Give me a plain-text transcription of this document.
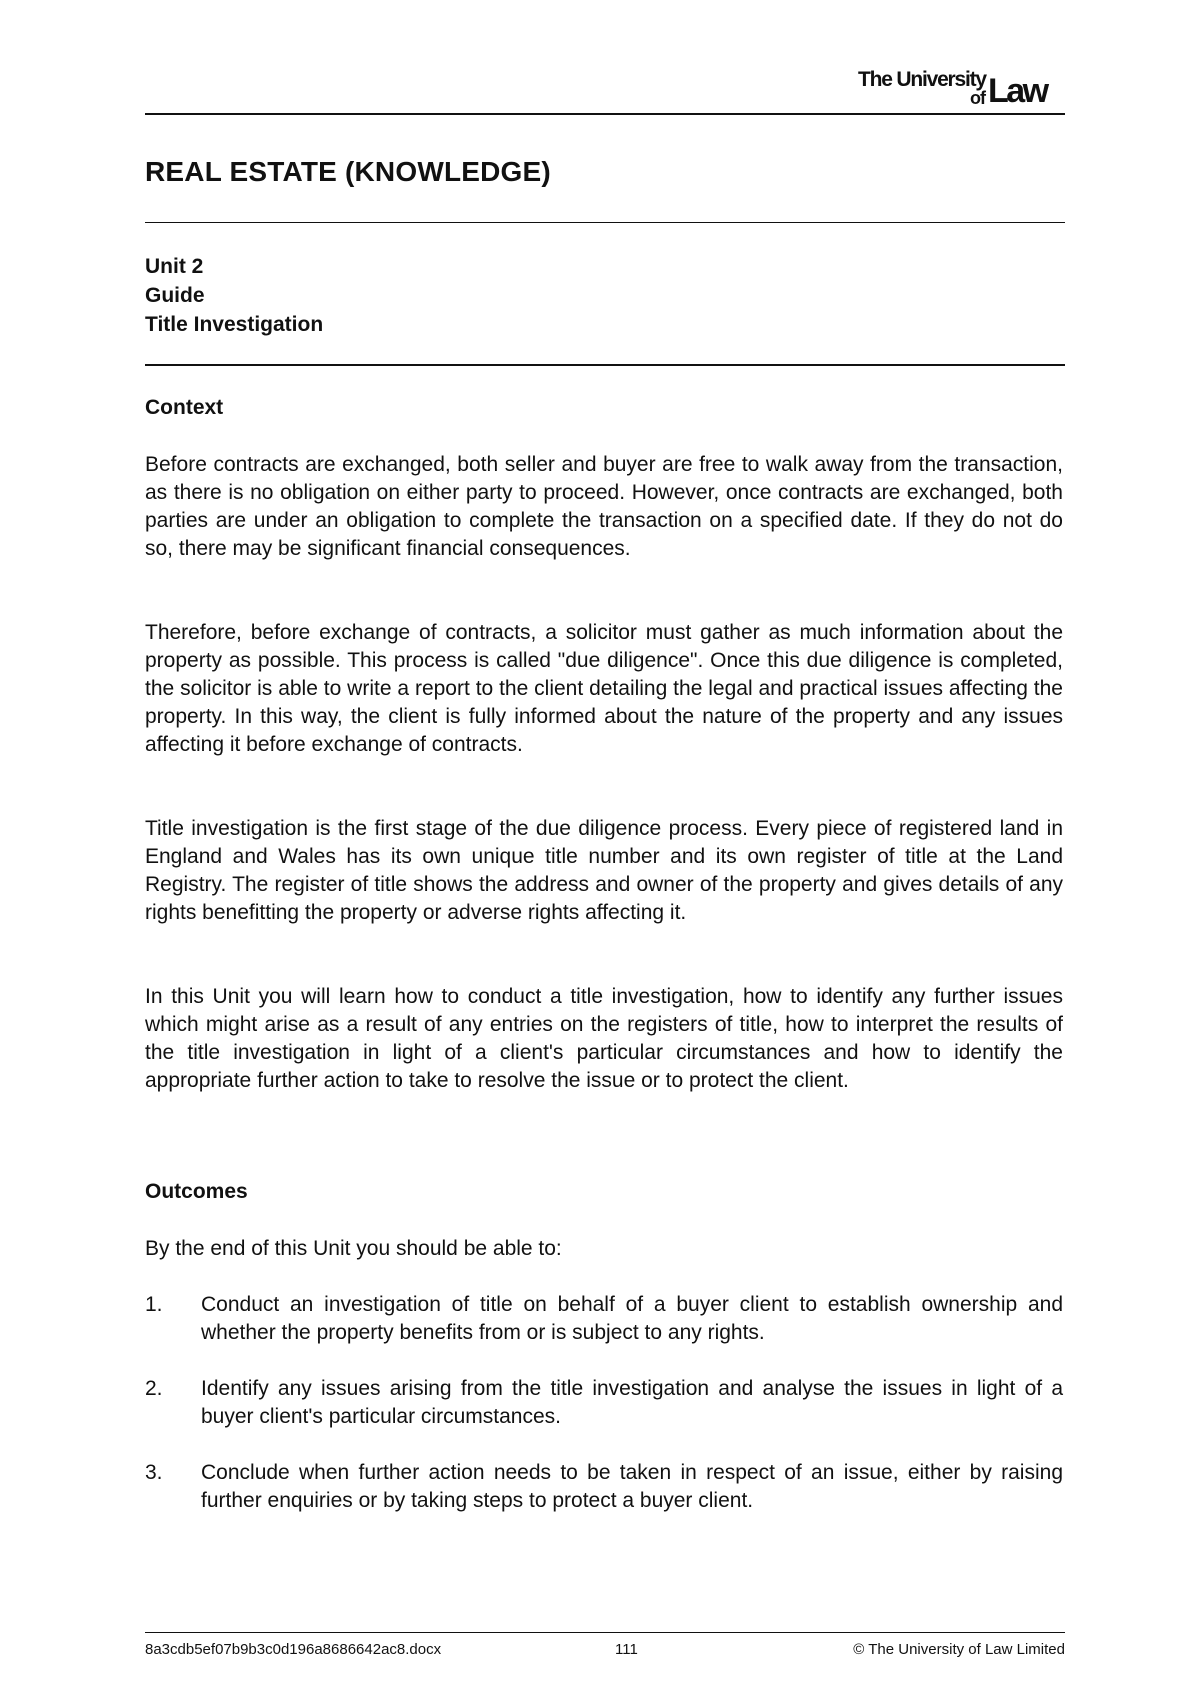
The University
of Law
REAL ESTATE (KNOWLEDGE)
Unit 2
Guide
Title Investigation
Context

Before contracts are exchanged, both seller and buyer are free to walk away from the transaction, as there is no obligation on either party to proceed. However, once contracts are exchanged, both parties are under an obligation to complete the transaction on a specified date. If they do not do so, there may be significant financial consequences.

Therefore, before exchange of contracts, a solicitor must gather as much information about the property as possible. This process is called "due diligence". Once this due diligence is completed, the solicitor is able to write a report to the client detailing the legal and practical issues affecting the property. In this way, the client is fully informed about the nature of the property and any issues affecting it before exchange of contracts.

Title investigation is the first stage of the due diligence process. Every piece of registered land in England and Wales has its own unique title number and its own register of title at the Land Registry. The register of title shows the address and owner of the property and gives details of any rights benefitting the property or adverse rights affecting it.

In this Unit you will learn how to conduct a title investigation, how to identify any further issues which might arise as a result of any entries on the registers of title, how to interpret the results of the title investigation in light of a client's particular circumstances and how to identify the appropriate further action to take to resolve the issue or to protect the client.

Outcomes

By the end of this Unit you should be able to:

1. Conduct an investigation of title on behalf of a buyer client to establish ownership and whether the property benefits from or is subject to any rights.
2. Identify any issues arising from the title investigation and analyse the issues in light of a buyer client's particular circumstances.
3. Conclude when further action needs to be taken in respect of an issue, either by raising further enquiries or by taking steps to protect a buyer client.
8a3cdb5ef07b9b3c0d196a8686642ac8.docx	111	© The University of Law Limited
